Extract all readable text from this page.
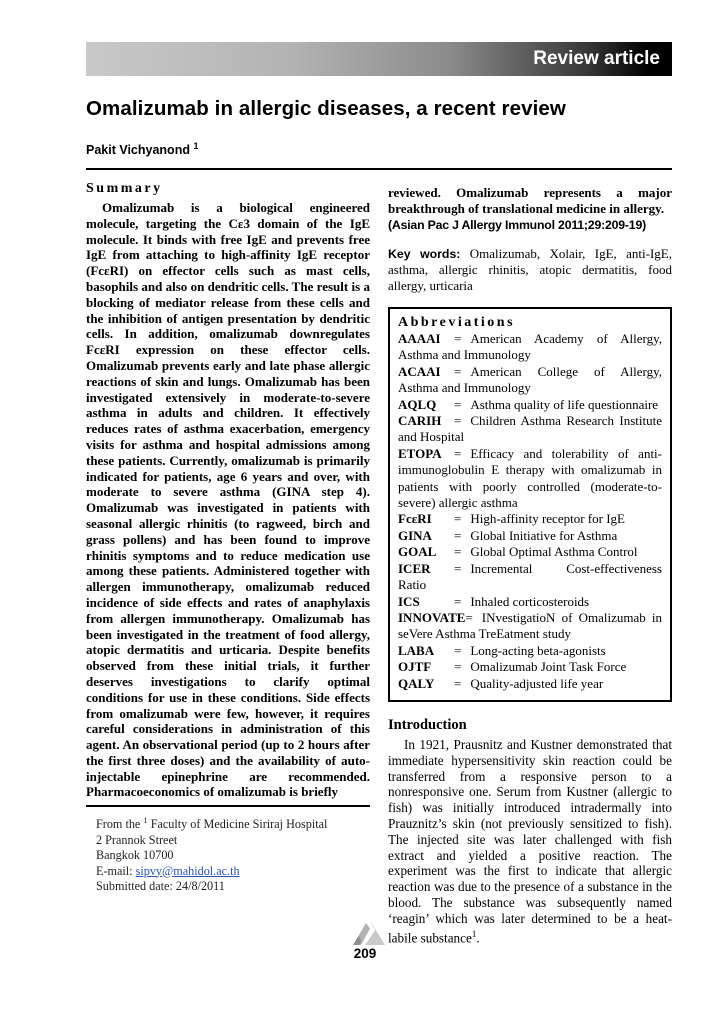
Review article
Omalizumab in allergic diseases, a recent review
Pakit Vichyanond $^1$
Summary

Omalizumab is a biological engineered molecule, targeting the Cε3 domain of the IgE molecule. It binds with free IgE and prevents free IgE from attaching to high-affinity IgE receptor (FcεRI) on effector cells such as mast cells, basophils and also on dendritic cells. The result is a blocking of mediator release from these cells and the inhibition of antigen presentation by dendritic cells. In addition, omalizumab downregulates FcεRI expression on these effector cells. Omalizumab prevents early and late phase allergic reactions of skin and lungs. Omalizumab has been investigated extensively in moderate-to-severe asthma in adults and children. It effectively reduces rates of asthma exacerbation, emergency visits for asthma and hospital admissions among these patients. Currently, omalizumab is primarily indicated for patients, age 6 years and over, with moderate to severe asthma (GINA step 4). Omalizumab was investigated in patients with seasonal allergic rhinitis (to ragweed, birch and grass pollens) and has been found to improve rhinitis symptoms and to reduce medication use among these patients. Administered together with allergen immunotherapy, omalizumab reduced incidence of side effects and rates of anaphylaxis from allergen immunotherapy. Omalizumab has been investigated in the treatment of food allergy, atopic dermatitis and urticaria. Despite benefits observed from these initial trials, it further deserves investigations to clarify optimal conditions for use in these conditions. Side effects from omalizumab were few, however, it requires careful considerations in administration of this agent. An observational period (up to 2 hours after the first three doses) and the availability of auto-injectable epinephrine are recommended. Pharmacoeconomics of omalizumab is briefly

From the $^1$ Faculty of Medicine Siriraj Hospital
2 Prannok Street
Bangkok 10700
E-mail: sipvy@mahidol.ac.th
Submitted date: 24/8/2011

reviewed. Omalizumab represents a major breakthrough of translational medicine in allergy.

(Asian Pac J Allergy Immunol 2011;29:209-19)

Key words: Omalizumab, Xolair, IgE, anti-IgE, asthma, allergic rhinitis, atopic dermatitis, food allergy, urticaria

Abbreviations
AAAAI = American Academy of Allergy, Asthma and Immunology
ACAAI = American College of Allergy, Asthma and Immunology
AQLQ = Asthma quality of life questionnaire
CARIH = Children Asthma Research Institute and Hospital
ETOPA = Efficacy and tolerability of anti-immunoglobulin E therapy with omalizumab in patients with poorly controlled (moderate-to-severe) allergic asthma
FcεRI = High-affinity receptor for IgE
GINA = Global Initiative for Asthma
GOAL = Global Optimal Asthma Control
ICER = Incremental Cost-effectiveness Ratio
ICS	= Inhaled corticosteroids
INNOVATE= INvestigatioN of Omalizumab in seVere Asthma TreEatment study
LABA = Long-acting beta-agonists
OJTF = Omalizumab Joint Task Force
QALY = Quality-adjusted life year
Introduction

In 1921, Prausnitz and Kustner demonstrated that immediate hypersensitivity skin reaction could be transferred from a responsive person to a nonresponsive one. Serum from Kustner (allergic to fish) was initially introduced intradermally into Prauznitz’s skin (not previously sensitized to fish). The injected site was later challenged with fish extract and yielded a positive reaction. The experiment was the first to indicate that allergic reaction was due to the presence of a substance in the blood. The substance was subsequently named ‘reagin’ which was later determined to be a heat-labile substance$^1$.

209
